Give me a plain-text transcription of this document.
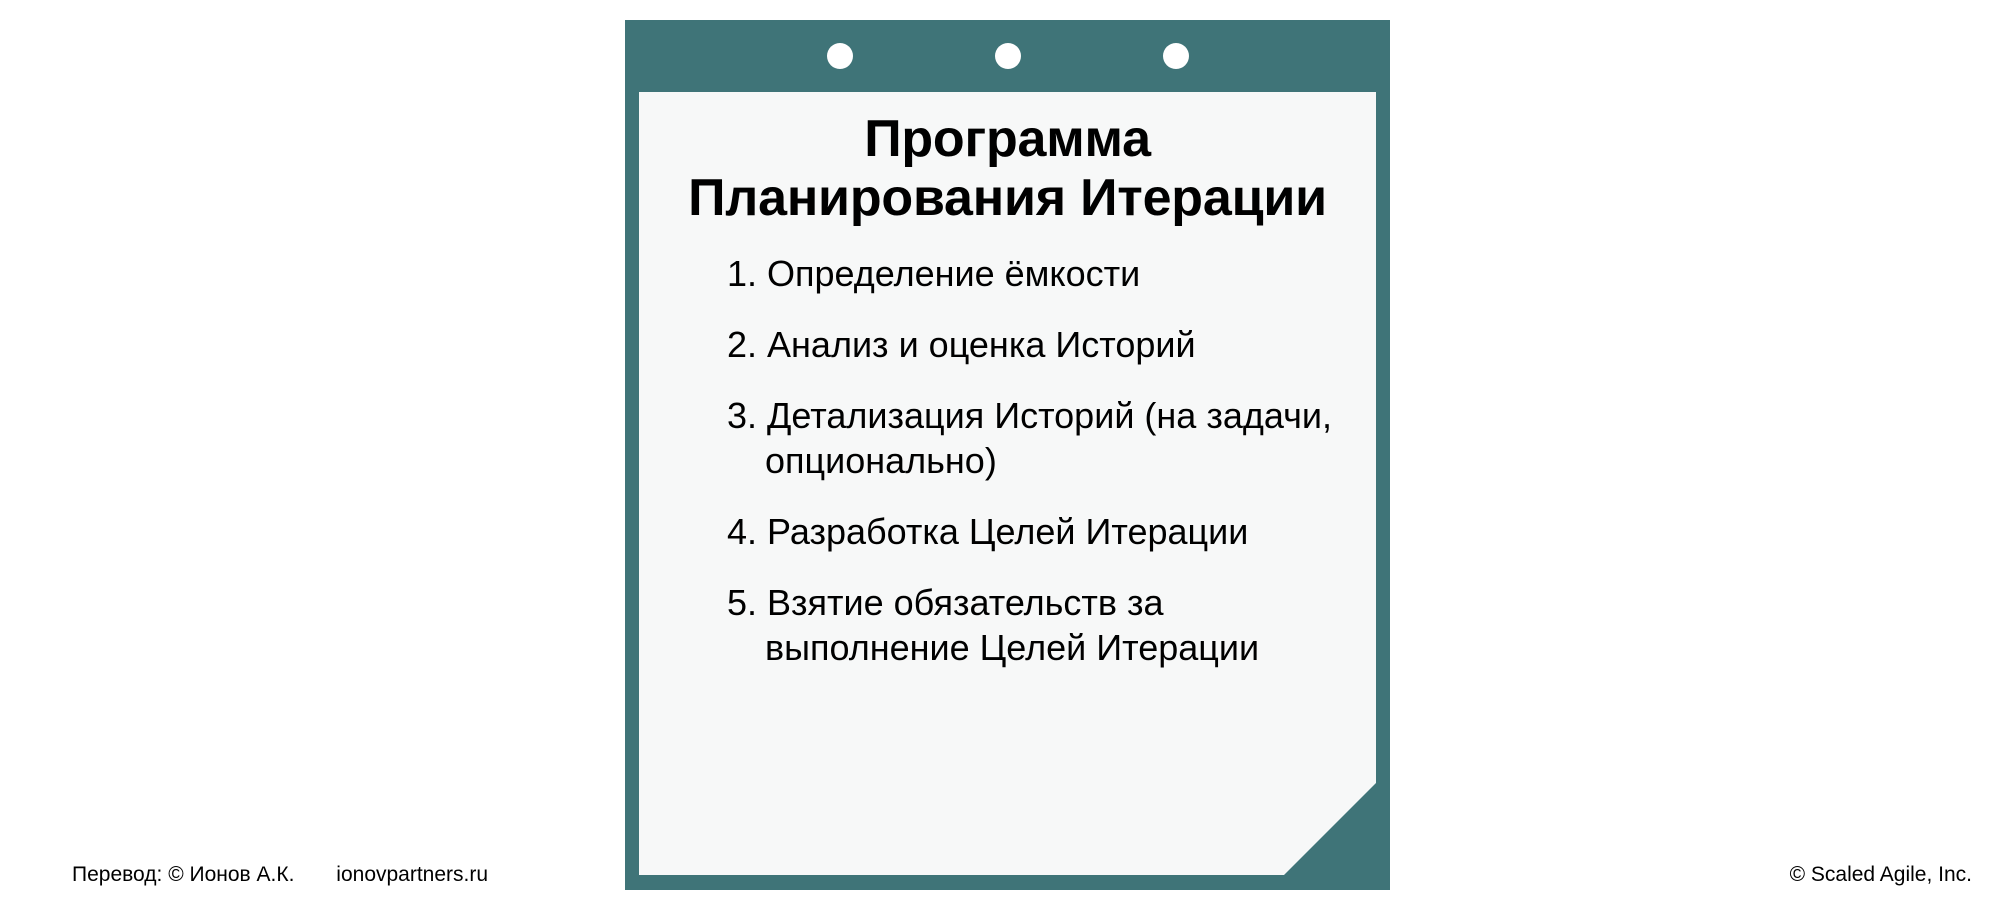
Программа
Планирования Итерации
1. Определение ёмкости
2. Анализ и оценка Историй
3. Детализация Историй (на задачи, опционально)
4. Разработка Целей Итерации
5. Взятие обязательств за выполнение Целей Итерации
Перевод: © Ионов А.К. ionovpartners.ru	© Scaled Agile, Inc.
